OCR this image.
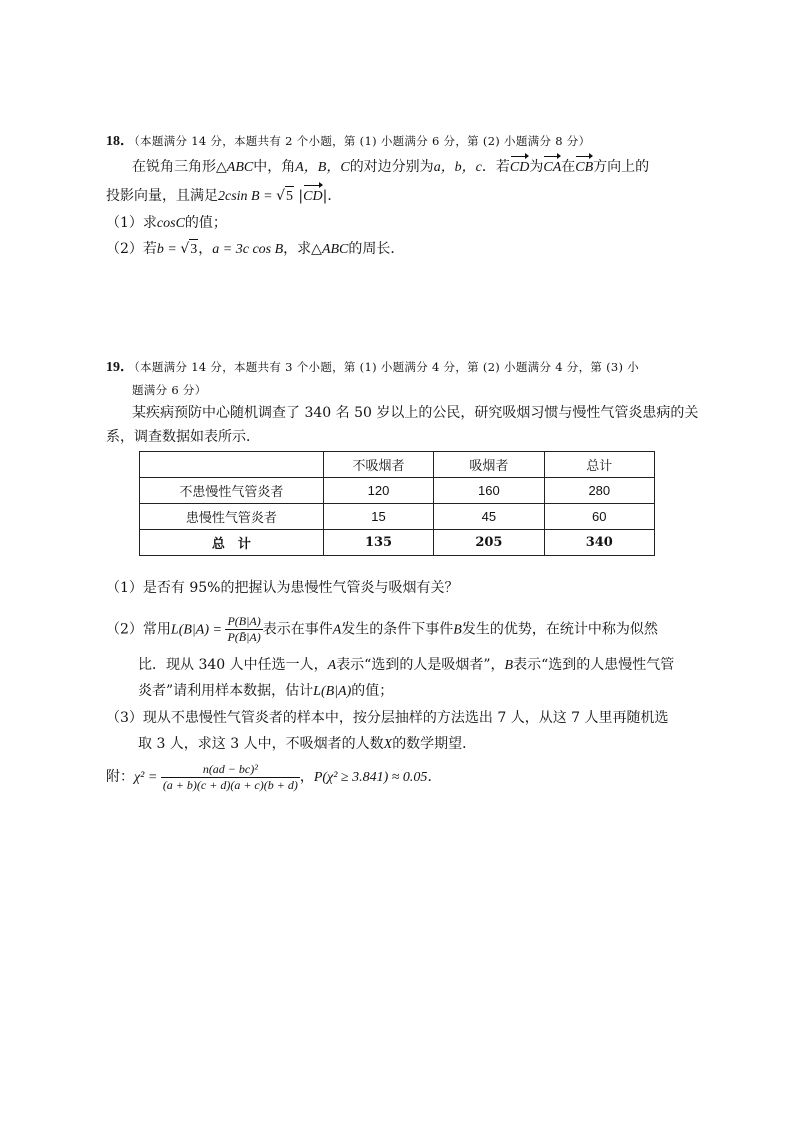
18．（本题满分 14 分，本题共有 2 个小题，第 (1) 小题满分 6 分，第 (2) 小题满分 8 分）
在锐角三角形△ABC中，角A，B，C的对边分别为a，b，c．若CD为CA在CB方向上的
投影向量，且满足2csin B = √5 |CD|．
（1）求cosC的值；
（2）若b = √3，a = 3c cos B，求△ABC的周长．
19．（本题满分 14 分，本题共有 3 个小题，第 (1) 小题满分 4 分，第 (2) 小题满分 4 分，第 (3) 小
题满分 6 分）
某疾病预防中心随机调查了 340 名 50 岁以上的公民，研究吸烟习惯与慢性气管炎患病的关
系，调查数据如表所示．
	不吸烟者	吸烟者	总计
不患慢性气管炎者	120	160	280
患慢性气管炎者	15	45	60
总　计	135	205	340
（1）是否有 95%的把握认为患慢性气管炎与吸烟有关？
（2）常用$L(B|A) = \frac{P(B|A)}{P(B̄|A)}$ 表示在事件A发生的条件下事件B发生的优势，在统计中称为似然
比．现从 340 人中任选一人，A表示“选到的人是吸烟者”，B表示“选到的人患慢性气管
炎者”请利用样本数据，估计L(B|A)的值；
（3）现从不患慢性气管炎者的样本中，按分层抽样的方法选出 7 人，从这 7 人里再随机选
取 3 人，求这 3 人中，不吸烟者的人数X的数学期望．
附：$\chi^2 = \frac{\text{n(ad − bc)²}}{(a + b)(c + d)(a + c)(b + d)}$ ，P(χ² ≥ 3.841) ≈ 0.05．
